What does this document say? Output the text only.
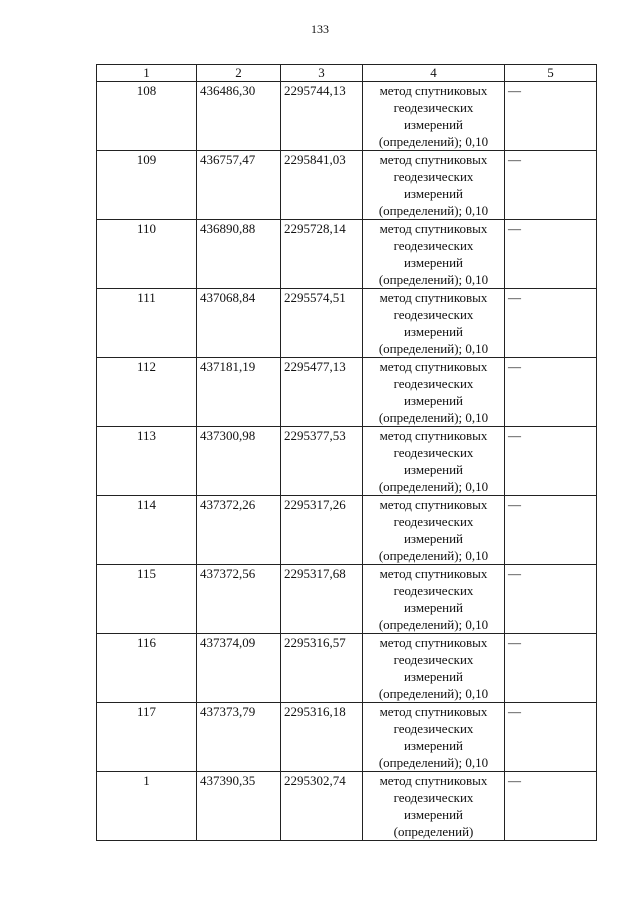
133
1	2	3	4	5
108	436486,30	2295744,13	метод спутниковых
геодезических
измерений
(определений); 0,10	—
109	436757,47	2295841,03	метод спутниковых
геодезических
измерений
(определений); 0,10	—
110	436890,88	2295728,14	метод спутниковых
геодезических
измерений
(определений); 0,10	—
111	437068,84	2295574,51	метод спутниковых
геодезических
измерений
(определений); 0,10	—
112	437181,19	2295477,13	метод спутниковых
геодезических
измерений
(определений); 0,10	—
113	437300,98	2295377,53	метод спутниковых
геодезических
измерений
(определений); 0,10	—
114	437372,26	2295317,26	метод спутниковых
геодезических
измерений
(определений); 0,10	—
115	437372,56	2295317,68	метод спутниковых
геодезических
измерений
(определений); 0,10	—
116	437374,09	2295316,57	метод спутниковых
геодезических
измерений
(определений); 0,10	—
117	437373,79	2295316,18	метод спутниковых
геодезических
измерений
(определений); 0,10	—
1	437390,35	2295302,74	метод спутниковых
геодезических
измерений
(определений)	—
